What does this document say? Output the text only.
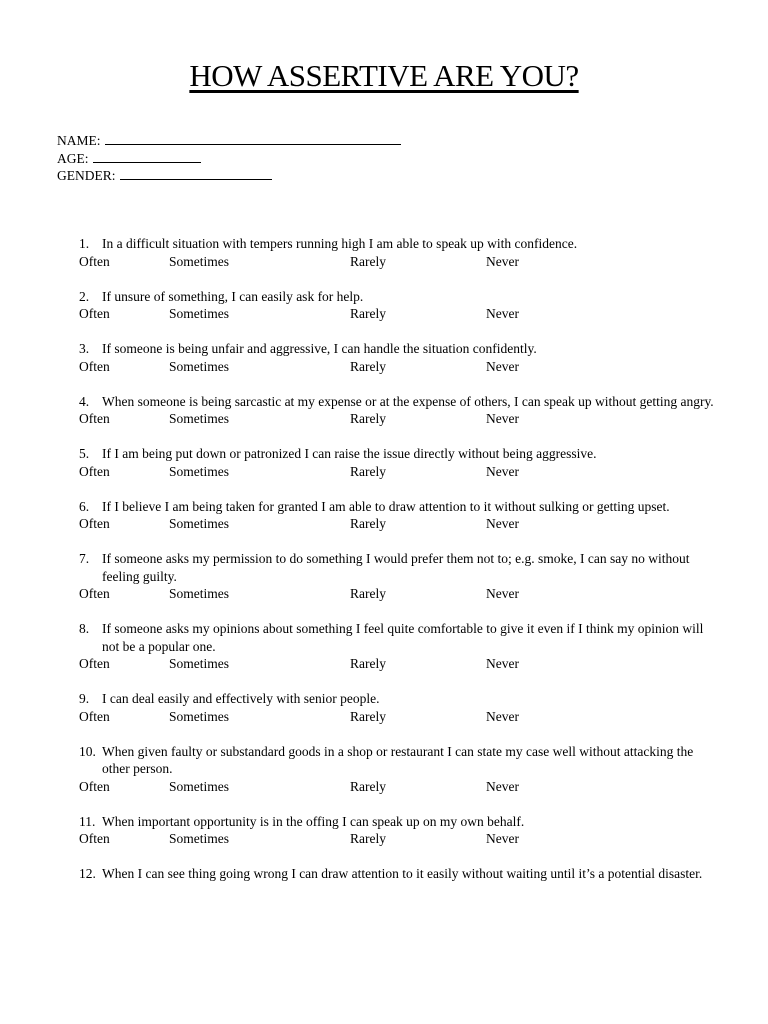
HOW ASSERTIVE ARE YOU?
NAME:
AGE:
GENDER:
1. In a difficult situation with tempers running high I am able to speak up with confidence.
Often	Sometimes	Rarely	Never
2. If unsure of something, I can easily ask for help.
Often	Sometimes	Rarely	Never
3. If someone is being unfair and aggressive, I can handle the situation confidently.
Often	Sometimes	Rarely	Never
4. When someone is being sarcastic at my expense or at the expense of others, I can speak up without getting angry.
Often	Sometimes	Rarely	Never
5. If I am being put down or patronized I can raise the issue directly without being aggressive.
Often	Sometimes	Rarely	Never
6. If I believe I am being taken for granted I am able to draw attention to it without sulking or getting upset.
Often	Sometimes	Rarely	Never
7. If someone asks my permission to do something I would prefer them not to; e.g. smoke, I can say no without feeling guilty.
Often	Sometimes	Rarely	Never
8. If someone asks my opinions about something I feel quite comfortable to give it even if I think my opinion will not be a popular one.
Often	Sometimes	Rarely	Never
9. I can deal easily and effectively with senior people.
Often	Sometimes	Rarely	Never
10. When given faulty or substandard goods in a shop or restaurant I can state my case well without attacking the other person.
Often	Sometimes	Rarely	Never
11. When important opportunity is in the offing I can speak up on my own behalf.
Often	Sometimes	Rarely	Never
12. When I can see thing going wrong I can draw attention to it easily without waiting until it’s a potential disaster.
